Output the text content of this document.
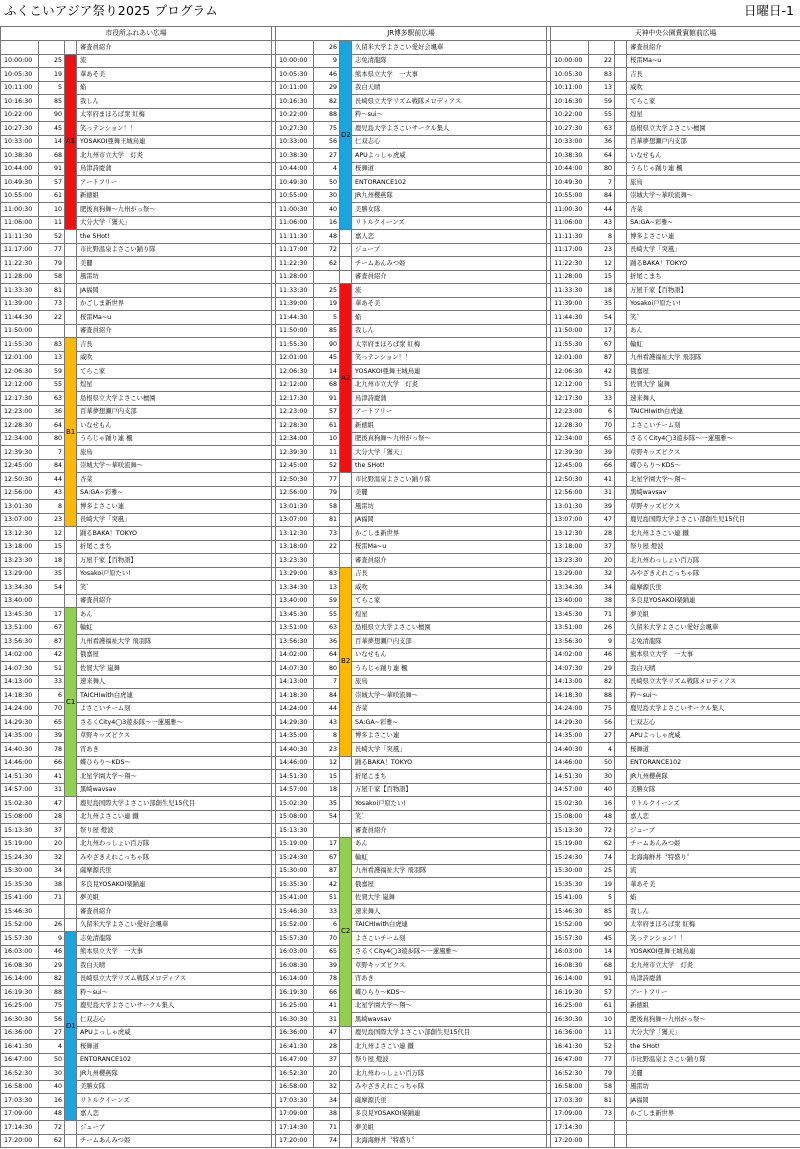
ふくこいアジア祭り2025 プログラム	日曜日-1
市役所ふれあい広場					JR博多駅前広場					天神中央公園貴賓館前広場			
			審査員紹介			26	D2	久留米大学よさこい愛好会颯華					審査員紹介
10:00:00	25	A1	流		10:00:00	9		志免清龍隊		10:00:00	22		桜雷Ma~u
10:05:30	19		華あそ美		10:05:30	46		熊本県立大学　一大事		10:05:30	83		吉長
10:11:00	5		焔		10:11:00	29		我白天晴		10:11:00	13		威吹
10:16:30	85		我しん		10:16:30	82		長崎県立大学リズム戦隊メロディアス		10:16:30	59		てらこ家
10:22:00	90		太宰府まほろば衆 紅梅		10:22:00	88		粋～sui～		10:22:00	55		煌星
10:27:30	45		笑っテンション！！		10:27:30	75		鹿児島大学よさこいサークル集人		10:27:30	63		島根県立大学よさこい檀園
10:33:00	14		YOSAKOI亜舞王城鳥連		10:33:00	56		仁双志心		10:33:00	36		百華夢想瀬戸内支部
10:38:30	68		北九州市立大学　灯炎		10:38:30	27		APUよっしゃ虎威		10:38:30	64		いなせもん
10:44:00	91		鳥津詩慶蒲		10:44:00	4		桜舞道		10:44:00	80		うらじゃ踊り連 楓
10:49:30	57		アートフリー		10:49:30	50		ENTORANCE102		10:49:30	7		旅鳥
10:55:00	61		新徳組		10:55:00	30		JR九州櫻燕隊		10:55:00	84		崇城大学～華咲流舞～
11:00:30	10		肥後真狗舞～九州がっ祭～		11:00:30	40		美勝女隊		11:00:30	44		杏菜
11:06:00	11		大分大学「獲天」		11:06:00	16		リトルクイーンズ		11:06:00	43		SA:GA~彩雅~
11:11:30	52		the SHot!		11:11:30	48		嘉人恋		11:11:30	8		博多よさこい連
11:17:00	77		市比野温泉よさこい踊り隊		11:17:00	72		ジューブ		11:17:00	23		長崎大学「突風」
11:22:30	79		美麗		11:22:30	62		チームあんみつ姫		11:22:30	12		踊るBAKA！TOKYO
11:28:00	58		風雷坊		11:28:00			審査員紹介		11:28:00	15		折尾こまち
11:33:30	81		JA福岡		11:33:30	25	A2	流		11:33:30	18		万屋千家【百物語】
11:39:00	73		かごしま新世界		11:39:00	19		華あそ美		11:39:00	35		Yosakoi戸原たい!
11:44:30	22		桜雷Ma~u		11:44:30	5		焔		11:44:30	54		笑`
11:50:00			審査員紹介		11:50:00	85		我しん		11:50:00	17		あん
11:55:30	83	B1	吉長		11:55:30	90		太宰府まほろば衆 紅梅		11:55:30	67		輪虹
12:01:00	13		威吹		12:01:00	45		笑っテンション！！		12:01:00	87		九州看護福祉大学 飛羽隊
12:06:30	59		てらこ家		12:06:30	14		YOSAKOI亜舞王城鳥連		12:06:30	42		俄嘉屋
12:12:00	55		煌星		12:12:00	68		北九州市立大学　灯炎		12:12:00	51		佐賀大学 嵐舞
12:17:30	63		島根県立大学よさこい檀園		12:17:30	91		鳥津詩慶蒲		12:17:30	33		速来舞人
12:23:00	36		百華夢想瀬戸内支部		12:23:00	57		アートフリー		12:23:00	6		TAICHIwith白虎連
12:28:30	64		いなせもん		12:28:30	61		新徳組		12:28:30	70		よさこいチーム刻
12:34:00	80		うらじゃ踊り連 楓		12:34:00	10		肥後真狗舞～九州がっ祭～		12:34:00	65		さるくCity4◯3遊歩隊～一蓮風雅～
12:39:30	7		旅鳥		12:39:30	11		大分大学「獲天」		12:39:30	39		草野キッズピクス
12:45:00	84		崇城大学～華咲流舞～		12:45:00	52		the SHot!		12:45:00	66		蝶ひらり～KDS～
12:50:30	44		杏菜		12:50:30	77		市比野温泉よさこい踊り隊		12:50:30	41		北星学園大学～翔～
12:56:00	43		SA:GA~彩雅~		12:56:00	79		美麗		12:56:00	31		黒崎wavsav
13:01:30	8		博多よさこい連		13:01:30	58		風雷坊		13:01:30	39		草野キッズピクス
13:07:00	23		長崎大学「突風」		13:07:00	81		JA福岡		13:07:00	47		鹿児島国際大学よさこい部創生児15代目
13:12:30	12		踊るBAKA！TOKYO		13:12:30	73		かごしま新世界		13:12:30	28		北九州よさこい連 鐵
13:18:00	15		折尾こまち		13:18:00	22		桜雷Ma~u		13:18:00	37		祭り屋 燈波
13:23:30	18		万屋千家【百物語】		13:23:30			審査員紹介		13:23:30	20		北九州わっしょい百万隊
13:29:00	35		Yosakoi戸原たい!		13:29:00	83	B2	吉長		13:29:00	32		みやざきえれこっちゃ隊
13:34:30	54		笑`		13:34:30	13		威吹		13:34:30	34		薩摩源氏蛍
13:40:00			審査員紹介		13:40:00	59		てらこ家		13:40:00	38		多良見YOSAKOI楽踊連
13:45:30	17	C1	あん		13:45:30	55		煌星		13:45:30	71		夢美組
13:51:00	67		輪虹		13:51:00	63		島根県立大学よさこい檀園		13:51:00	26		久留米大学よさこい愛好会颯華
13:56:30	87		九州看護福祉大学 飛羽隊		13:56:30	36		百華夢想瀬戸内支部		13:56:30	9		志免清龍隊
14:02:00	42		俄嘉屋		14:02:00	64		いなせもん		14:02:00	46		熊本県立大学　一大事
14:07:30	51		佐賀大学 嵐舞		14:07:30	80		うらじゃ踊り連 楓		14:07:30	29		我白天晴
14:13:00	33		速来舞人		14:13:00	7		旅鳥		14:13:00	82		長崎県立大学リズム戦隊メロディアス
14:18:30	6		TAICHIwith白虎連		14:18:30	84		崇城大学～華咲流舞～		14:18:30	88		粋～sui～
14:24:00	70		よさこいチーム刻		14:24:00	44		杏菜		14:24:00	75		鹿児島大学よさこいサークル集人
14:29:30	65		さるくCity4◯3遊歩隊～一蓮風雅～		14:29:30	43		SA:GA~彩雅~		14:29:30	56		仁双志心
14:35:00	39		草野キッズピクス		14:35:00	8		博多よさこい連		14:35:00	27		APUよっしゃ虎威
14:40:30	78		宵あき		14:40:30	23		長崎大学「突風」		14:40:30	4		桜舞道
14:46:00	66		蝶ひらり～KDS～		14:46:00	12		踊るBAKA！TOKYO		14:46:00	50		ENTORANCE102
14:51:30	41		北星学園大学～翔～		14:51:30	15		折尾こまち		14:51:30	30		JR九州櫻燕隊
14:57:00	31		黒崎wavsav		14:57:00	18		万屋千家【百物語】		14:57:00	40		美勝女隊
15:02:30	47		鹿児島国際大学よさこい部創生児15代目		15:02:30	35		Yosakoi戸原たい!		15:02:30	16		リトルクイーンズ
15:08:00	28		北九州よさこい連 鐵		15:08:00	54		笑`		15:08:00	48		嘉人恋
15:13:30	37		祭り屋 燈波		15:13:30			審査員紹介		15:13:30	72		ジューブ
15:19:00	20		北九州わっしょい百万隊		15:19:00	17	C2	あん		15:19:00	62		チームあんみつ姫
15:24:30	32		みやざきえれこっちゃ隊		15:24:30	67		輪虹		15:24:30	74		北海海鮮丼〝特盛り〞
15:30:00	34		薩摩源氏蛍		15:30:00	87		九州看護福祉大学 飛羽隊		15:30:00	25		流
15:35:30	38		多良見YOSAKOI楽踊連		15:35:30	42		俄嘉屋		15:35:30	19		華あそ美
15:41:00	71		夢美組		15:41:00	51		佐賀大学 嵐舞		15:41:00	5		焔
15:46:30			審査員紹介		15:46:30	33		速来舞人		15:46:30	85		我しん
15:52:00	26		久留米大学よさこい愛好会颯華		15:52:00	6		TAICHIwith白虎連		15:52:00	90		太宰府まほろば衆 紅梅
15:57:30	9	D1	志免清龍隊		15:57:30	70		よさこいチーム刻		15:57:30	45		笑っテンション！！
16:03:00	46		熊本県立大学　一大事		16:03:00	65		さるくCity4◯3遊歩隊～一蓮風雅～		16:03:00	14		YOSAKOI亜舞王城鳥連
16:08:30	29		我白天晴		16:08:30	39		草野キッズピクス		16:08:30	68		北九州市立大学　灯炎
16:14:00	82		長崎県立大学リズム戦隊メロディアス		16:14:00	78		宵あき		16:14:00	91		鳥津詩慶蒲
16:19:30	88		粋～sui～		16:19:30	66		蝶ひらり～KDS～		16:19:30	57		アートフリー
16:25:00	75		鹿児島大学よさこいサークル集人		16:25:00	41		北星学園大学～翔～		16:25:00	61		新徳組
16:30:30	56		仁双志心		16:30:30	31		黒崎wavsav		16:30:30	10		肥後真狗舞～九州がっ祭～
16:36:00	27		APUよっしゃ虎威		16:36:00	47		鹿児島国際大学よさこい部創生児15代目		16:36:00	11		大分大学「獲天」
16:41:30	4		桜舞道		16:41:30	28		北九州よさこい連 鐵		16:41:30	52		the SHot!
16:47:00	50		ENTORANCE102		16:47:00	37		祭り屋 燈波		16:47:00	77		市比野温泉よさこい踊り隊
16:52:30	30		JR九州櫻燕隊		16:52:30	20		北九州わっしょい百万隊		16:52:30	79		美麗
16:58:00	40		美勝女隊		16:58:00	32		みやざきえれこっちゃ隊		16:58:00	58		風雷坊
17:03:30	16		リトルクイーンズ		17:03:30	34		薩摩源氏蛍		17:03:30	81		JA福岡
17:09:00	48		嘉人恋		17:09:00	38		多良見YOSAKOI楽踊連		17:09:00	73		かごしま新世界
17:14:30	72		ジューブ		17:14:30	71		夢美組		17:14:30			
17:20:00	62		チームあんみつ姫		17:20:00	74		北海海鮮丼〝特盛り〞		17:20:00			
